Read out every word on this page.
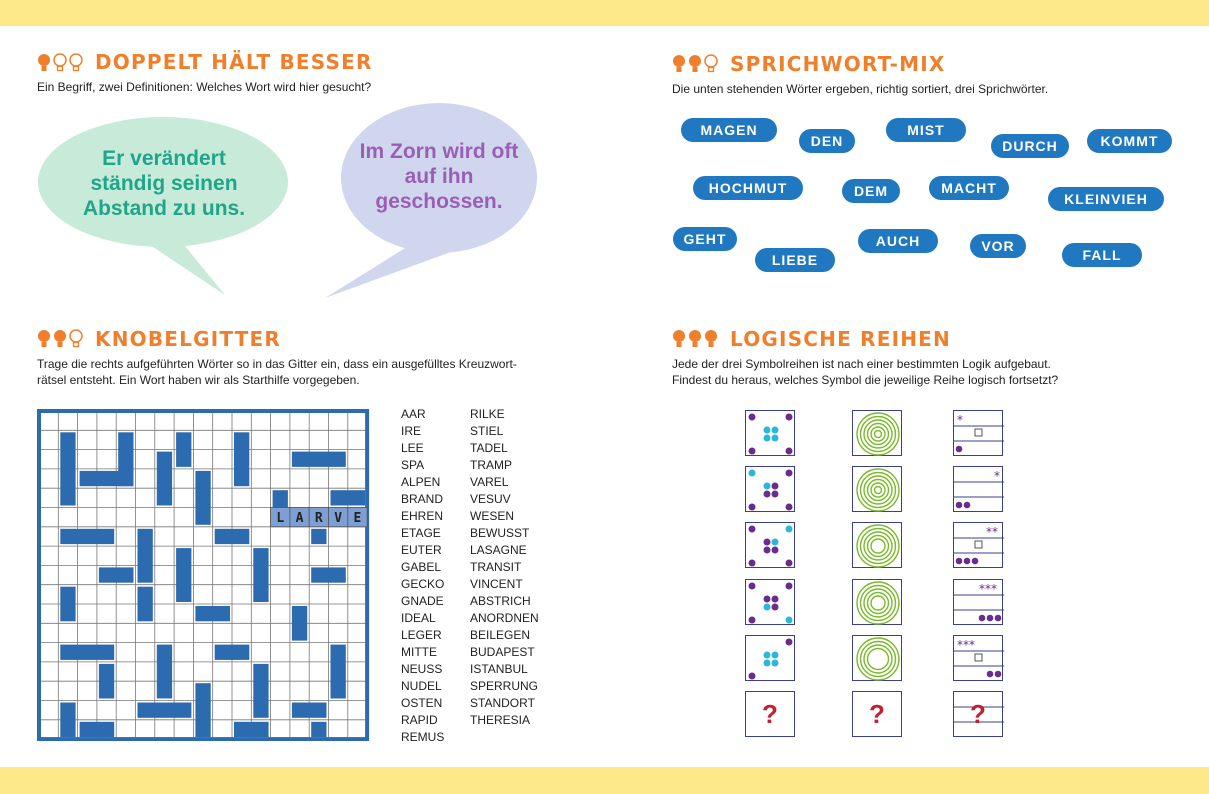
DOPPELT HÄLT BESSER
Ein Begriff, zwei Definitionen: Welches Wort wird hier gesucht?
Er verändert ständig seinen Abstand zu uns.
Im Zorn wird oft auf ihn geschossen.
SPRICHWORT-MIX
Die unten stehenden Wörter ergeben, richtig sortiert, drei Sprichwörter.
MAGEN
DEN
MIST
DURCH	KOMMT
HOCHMUT	DEM	MACHT
KLEINVIEH
GEHT
LIEBE
AUCH	VOR
FALL
KNOBELGITTER
Trage die rechts aufgeführten Wörter so in das Gitter ein, dass ein ausgefülltes Kreuzwort-
rätsel entsteht. Ein Wort haben wir als Starthilfe vorgegeben.
L A R V E
AAR
IRE
LEE
SPA
ALPEN
BRAND
EHREN
ETAGE
EUTER
GABEL
GECKO
GNADE
IDEAL
LEGER
MITTE
NEUSS
NUDEL
OSTEN
RAPID
REMUS
RILKE
STIEL
TADEL
TRAMP
VAREL
VESUV
WESEN
BEWUSST
LASAGNE
TRANSIT
VINCENT
ABSTRICH
ANORDNEN
BEILEGEN
BUDAPEST
ISTANBUL
SPERRUNG
STANDORT
THERESIA
LOGISCHE REIHEN
Jede der drei Symbolreihen ist nach einer bestimmten Logik aufgebaut.
Findest du heraus, welches Symbol die jeweilige Reihe logisch fortsetzt?
*
*
**
***
***
?	?	?
